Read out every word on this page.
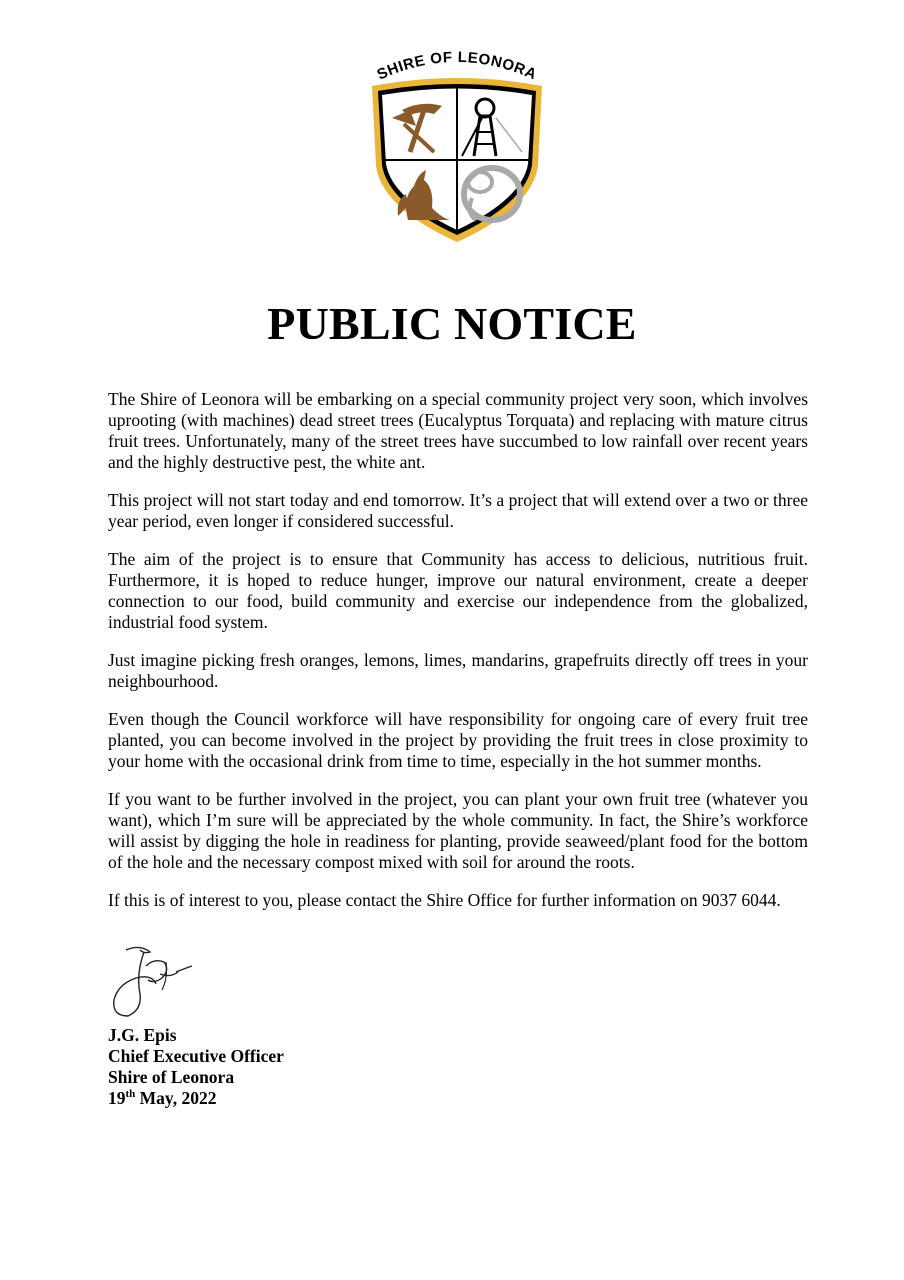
SHIRE OF LEONORA
PUBLIC NOTICE

The Shire of Leonora will be embarking on a special community project very soon, which involves uprooting (with machines) dead street trees (Eucalyptus Torquata) and replacing with mature citrus fruit trees. Unfortunately, many of the street trees have succumbed to low rainfall over recent years and the highly destructive pest, the white ant.

This project will not start today and end tomorrow. It’s a project that will extend over a two or three year period, even longer if considered successful.

The aim of the project is to ensure that Community has access to delicious, nutritious fruit. Furthermore, it is hoped to reduce hunger, improve our natural environment, create a deeper connection to our food, build community and exercise our independence from the globalized, industrial food system.

Just imagine picking fresh oranges, lemons, limes, mandarins, grapefruits directly off trees in your neighbourhood.

Even though the Council workforce will have responsibility for ongoing care of every fruit tree planted, you can become involved in the project by providing the fruit trees in close proximity to your home with the occasional drink from time to time, especially in the hot summer months.

If you want to be further involved in the project, you can plant your own fruit tree (whatever you want), which I’m sure will be appreciated by the whole community. In fact, the Shire’s workforce will assist by digging the hole in readiness for planting, provide seaweed/plant food for the bottom of the hole and the necessary compost mixed with soil for around the roots.

If this is of interest to you, please contact the Shire Office for further information on 9037 6044.

J.G. Epis
Chief Executive Officer
Shire of Leonora
19th May, 2022
